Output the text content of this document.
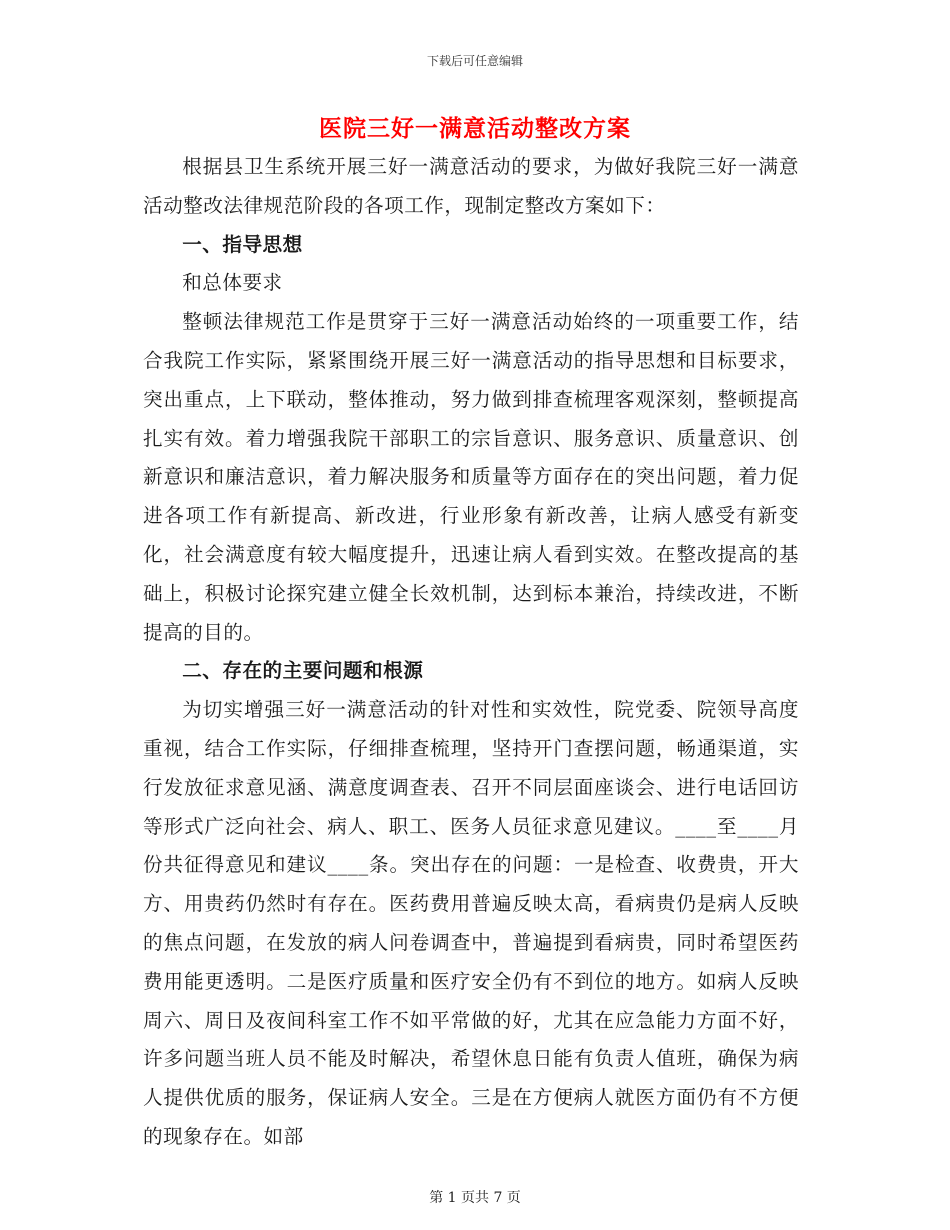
下载后可任意编辑
医院三好一满意活动整改方案

根据县卫生系统开展三好一满意活动的要求，为做好我院三好一满意活动整改法律规范阶段的各项工作，现制定整改方案如下：

一、指导思想

和总体要求

整顿法律规范工作是贯穿于三好一满意活动始终的一项重要工作，结合我院工作实际，紧紧围绕开展三好一满意活动的指导思想和目标要求，突出重点，上下联动，整体推动，努力做到排查梳理客观深刻，整顿提高扎实有效。着力增强我院干部职工的宗旨意识、服务意识、质量意识、创新意识和廉洁意识，着力解决服务和质量等方面存在的突出问题，着力促进各项工作有新提高、新改进，行业形象有新改善，让病人感受有新变化，社会满意度有较大幅度提升，迅速让病人看到实效。在整改提高的基础上，积极讨论探究建立健全长效机制，达到标本兼治，持续改进，不断提高的目的。

二、存在的主要问题和根源

为切实增强三好一满意活动的针对性和实效性，院党委、院领导高度重视，结合工作实际，仔细排查梳理，坚持开门查摆问题，畅通渠道，实行发放征求意见涵、满意度调查表、召开不同层面座谈会、进行电话回访等形式广泛向社会、病人、职工、医务人员征求意见建议。____至____月份共征得意见和建议____条。突出存在的问题：一是检查、收费贵，开大方、用贵药仍然时有存在。医药费用普遍反映太高，看病贵仍是病人反映的焦点问题，在发放的病人问卷调查中，普遍提到看病贵，同时希望医药费用能更透明。二是医疗质量和医疗安全仍有不到位的地方。如病人反映周六、周日及夜间科室工作不如平常做的好，尤其在应急能力方面不好，许多问题当班人员不能及时解决，希望休息日能有负责人值班，确保为病人提供优质的服务，保证病人安全。三是在方便病人就医方面仍有不方便的现象存在。如部

第 1 页共 7 页
